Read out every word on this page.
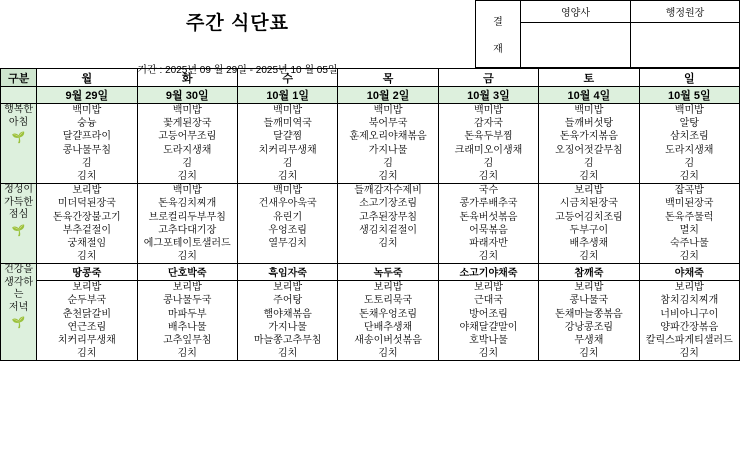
주간 식단표
기간 : 2025년 09 월 29일 - 2025년 10 월 05일
결
재
영양사	행정원장
구분	월	화	수	목	금	토	일
	9월 29일	9월 30일	10월 1일	10월 2일	10월 3일	10월 4일	10월 5일
행복한
아침
🌱

백미밥
숭늉
달걀프라이
콩나물무침
김
김치

백미밥
꽃게된장국
고등어무조림
도라지생채
김
김치

백미밥
들깨미역국
달걀찜
치커리무생채
김
김치

백미밥
북어무국
훈제오리야채볶음
가지나물
김
김치

백미밥
감자국
돈육두부찜
크래미오이생채
김
김치

백미밥
들깨버섯탕
돈육가지볶음
오징어젓갈무침
김
김치

백미밥
알탕
삼치조림
도라지생채
김
김치

정성이
가득한
점심
🌱

보리밥
미더덕된장국
돈육간장불고기
부추겉절이
궁채절임
김치

백미밥
돈육김치찌개
브로컬리두부무침
고추다대기장
에그포테이토샐러드
김치

백미밥
건새우아욱국
유린기
우엉조림
열무김치

들깨감자수제비
소고기장조림
고추된장무침
생김치겉절이
김치

국수
콩가루배추국
돈육버섯볶음
어묵볶음
파래자반
김치

보리밥
시금치된장국
고등어김치조림
두부구이
배추생채
김치

잡곡밥
백미된장국
돈육주물럭
멸치
숙주나물
김치

건강을
생각하는
저녁
🌱	땅콩죽	단호박죽	흑임자죽	녹두죽	소고기야채죽	참깨죽	야채죽

보리밥
순두부국
춘천닭갈비
연근조림
치커리무생채
김치

보리밥
콩나물두국
마파두부
배추나물
고추잎무침
김치

보리밥
주어탕
햄야채볶음
가지나물
마늘쫑고추무침
김치

보리밥
도토리묵국
돈채우엉조림
단배추생채
새송이버섯볶음
김치

보리밥
근대국
방어조림
야채달걀말이
호박나물
김치

보리밥
콩나물국
돈채마늘쫑볶음
강낭콩조림
무생채
김치

보리밥
참치김치찌개
너비아니구이
양파간장볶음
칼릭스파게티샐러드
김치
